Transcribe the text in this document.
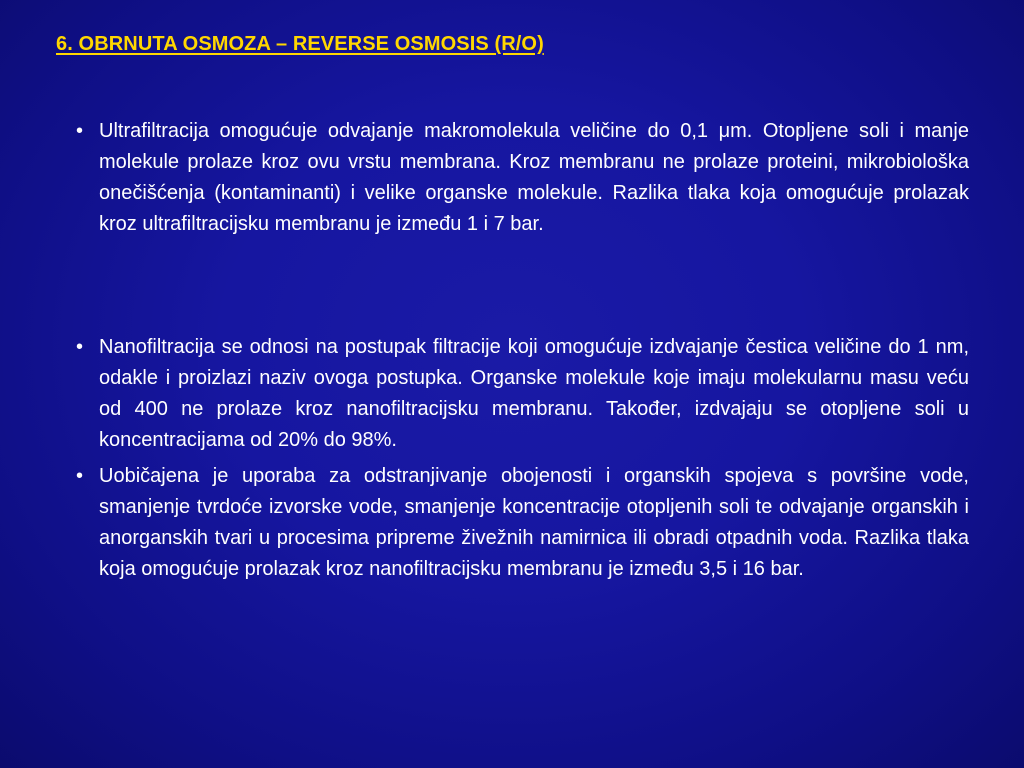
6. OBRNUTA OSMOZA – REVERSE OSMOSIS (R/O)
• Ultrafiltracija omogućuje odvajanje makromolekula veličine do 0,1 μm. Otopljene soli i manje molekule prolaze kroz ovu vrstu membrana. Kroz membranu ne prolaze proteini, mikrobiološka onečišćenja (kontaminanti) i velike organske molekule. Razlika tlaka koja omogućuje prolazak kroz ultrafiltracijsku membranu je između 1 i 7 bar.
• Nanofiltracija se odnosi na postupak filtracije koji omogućuje izdvajanje čestica veličine do 1 nm, odakle i proizlazi naziv ovoga postupka. Organske molekule koje imaju molekularnu masu veću od 400 ne prolaze kroz nanofiltracijsku membranu. Također, izdvajaju se otopljene soli u koncentracijama od 20% do 98%.
• Uobičajena je uporaba za odstranjivanje obojenosti i organskih spojeva s površine vode, smanjenje tvrdoće izvorske vode, smanjenje koncentracije otopljenih soli te odvajanje organskih i anorganskih tvari u procesima pripreme živežnih namirnica ili obradi otpadnih voda. Razlika tlaka koja omogućuje prolazak kroz nanofiltracijsku membranu je između 3,5 i 16 bar.
